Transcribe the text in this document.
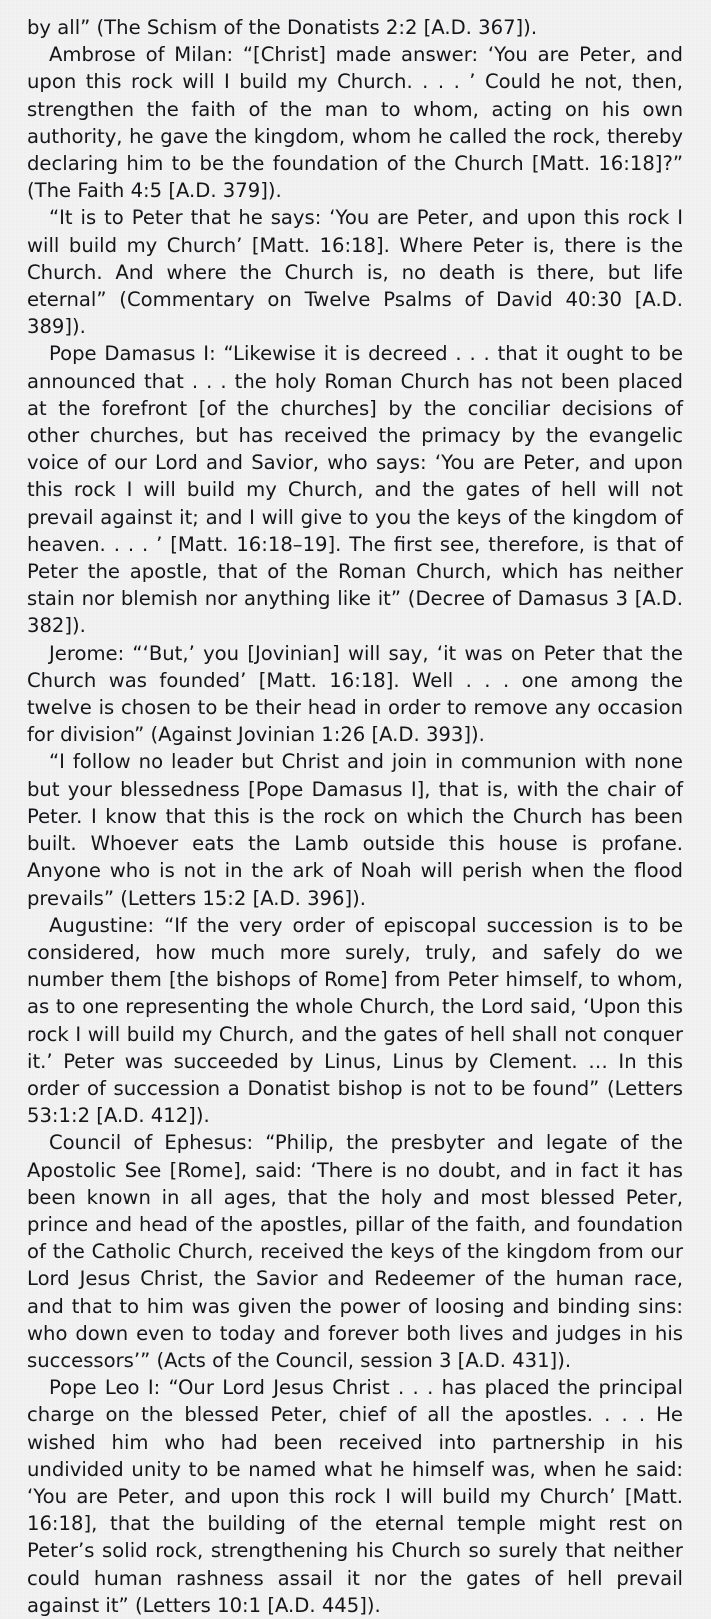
by all” (The Schism of the Donatists 2:2 [A.D. 367]).

Ambrose of Milan: “[Christ] made answer: ‘You are Peter, and upon this rock will I build my Church. . . . ’ Could he not, then, strengthen the faith of the man to whom, acting on his own authority, he gave the kingdom, whom he called the rock, thereby declaring him to be the foundation of the Church [Matt. 16:18]?” (The Faith 4:5 [A.D. 379]).

“It is to Peter that he says: ‘You are Peter, and upon this rock I will build my Church’ [Matt. 16:18]. Where Peter is, there is the Church. And where the Church is, no death is there, but life eternal” (Commentary on Twelve Psalms of David 40:30 [A.D. 389]).

Pope Damasus I: “Likewise it is decreed . . . that it ought to be announced that . . . the holy Roman Church has not been placed at the forefront [of the churches] by the conciliar decisions of other churches, but has received the primacy by the evangelic voice of our Lord and Savior, who says: ‘You are Peter, and upon this rock I will build my Church, and the gates of hell will not prevail against it; and I will give to you the keys of the kingdom of heaven. . . . ’ [Matt. 16:18–19]. The first see, therefore, is that of Peter the apostle, that of the Roman Church, which has neither stain nor blemish nor anything like it” (Decree of Damasus 3 [A.D. 382]).

Jerome: “‘But,’ you [Jovinian] will say, ‘it was on Peter that the Church was founded’ [Matt. 16:18]. Well . . . one among the twelve is chosen to be their head in order to remove any occasion for division” (Against Jovinian 1:26 [A.D. 393]).

“I follow no leader but Christ and join in communion with none but your blessedness [Pope Damasus I], that is, with the chair of Peter. I know that this is the rock on which the Church has been built. Whoever eats the Lamb outside this house is profane. Anyone who is not in the ark of Noah will perish when the flood prevails” (Letters 15:2 [A.D. 396]).

Augustine: “If the very order of episcopal succession is to be considered, how much more surely, truly, and safely do we number them [the bishops of Rome] from Peter himself, to whom, as to one representing the whole Church, the Lord said, ‘Upon this rock I will build my Church, and the gates of hell shall not conquer it.’ Peter was succeeded by Linus, Linus by Clement. … In this order of succession a Donatist bishop is not to be found” (Letters 53:1:2 [A.D. 412]).

Council of Ephesus: “Philip, the presbyter and legate of the Apostolic See [Rome], said: ‘There is no doubt, and in fact it has been known in all ages, that the holy and most blessed Peter, prince and head of the apostles, pillar of the faith, and foundation of the Catholic Church, received the keys of the kingdom from our Lord Jesus Christ, the Savior and Redeemer of the human race, and that to him was given the power of loosing and binding sins: who down even to today and forever both lives and judges in his successors’” (Acts of the Council, session 3 [A.D. 431]).

Pope Leo I: “Our Lord Jesus Christ . . . has placed the principal charge on the blessed Peter, chief of all the apostles. . . . He wished him who had been received into partnership in his undivided unity to be named what he himself was, when he said: ‘You are Peter, and upon this rock I will build my Church’ [Matt. 16:18], that the building of the eternal temple might rest on Peter’s solid rock, strengthening his Church so surely that neither could human rashness assail it nor the gates of hell prevail against it” (Letters 10:1 [A.D. 445]).
